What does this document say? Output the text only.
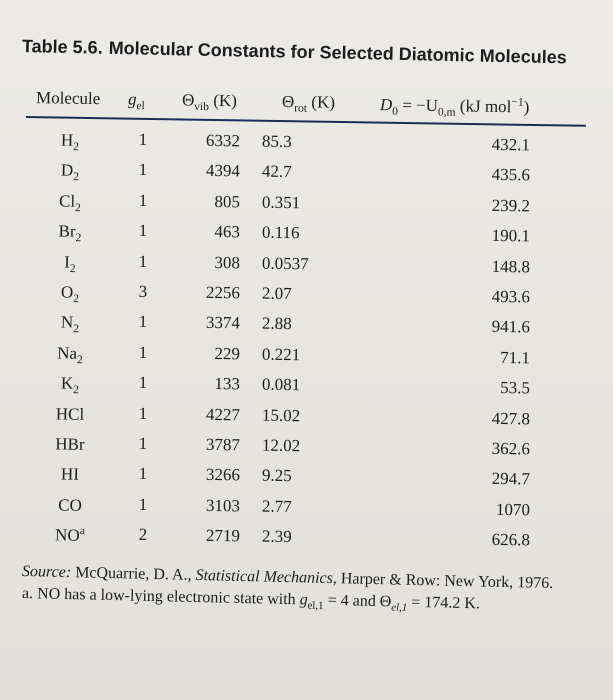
Table 5.6. Molecular Constants for Selected Diatomic Molecules
Molecule $g_{el}$ $\Theta_{vib}$ (K)	$\Theta_{rot}$ (K)	$D_0 = -U_{0,m}$ (kJ mol$^{-1}$)
$H_2$	1	6332 85.3	432.1
$D_2$	1	4394 42.7	435.6
$Cl_2$	1	805 0.351	239.2
$Br_2$	1	463 0.116	190.1
$I_2$	1	308 0.0537	148.8
$O_2$	3	2256 2.07	493.6
$N_2$	1	3374 2.88	941.6
$Na_2$	1	229 0.221	71.1
$K_2$	1	133 0.081	53.5
HCl	1	4227 15.02	427.8
HBr	1	3787 12.02	362.6
HI	1	3266 9.25	294.7
CO	1	3103 2.77	1070
$NO^a$	2	2719 2.39	626.8
Source: McQuarrie, D. A., Statistical Mechanics, Harper & Row: New York, 1976.
a. NO has a low-lying electronic state with $g_{el,1} = 4$ and $\Theta_{el,1} = 174.2$ K.
